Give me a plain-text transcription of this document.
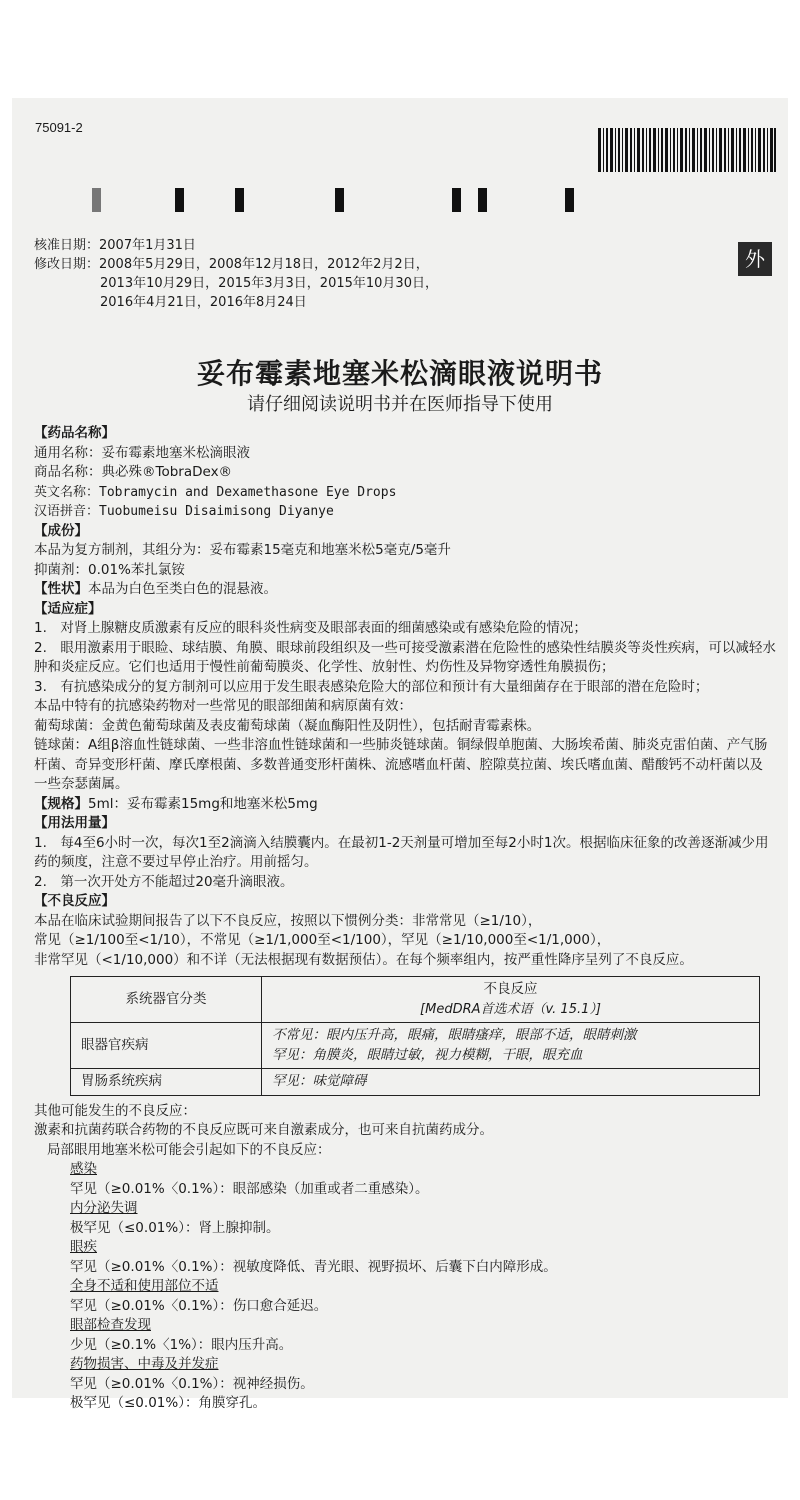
75091-2
外
核准日期：2007年1月31日
修改日期：2008年5月29日，2008年12月18日，2012年2月2日，
2013年10月29日，2015年3月3日，2015年10月30日，
2016年4月21日，2016年8月24日
妥布霉素地塞米松滴眼液说明书
请仔细阅读说明书并在医师指导下使用
【药品名称】
通用名称：妥布霉素地塞米松滴眼液
商品名称：典必殊®TobraDex®
英文名称：Tobramycin and Dexamethasone Eye Drops
汉语拼音：Tuobumeisu Disaimisong Diyanye
【成份】
本品为复方制剂，其组分为：妥布霉素15毫克和地塞米松5毫克/5毫升
抑菌剂：0.01%苯扎氯铵
【性状】本品为白色至类白色的混悬液。
【适应症】
1.　对肾上腺糖皮质激素有反应的眼科炎性病变及眼部表面的细菌感染或有感染危险的情况；
2.　眼用激素用于眼睑、球结膜、角膜、眼球前段组织及一些可接受激素潜在危险性的感染性结膜炎等炎性疾病，可以减轻水肿和炎症反应。它们也适用于慢性前葡萄膜炎、化学性、放射性、灼伤性及异物穿透性角膜损伤；
3.　有抗感染成分的复方制剂可以应用于发生眼表感染危险大的部位和预计有大量细菌存在于眼部的潜在危险时；
本品中特有的抗感染药物对一些常见的眼部细菌和病原菌有效：
葡萄球菌：金黄色葡萄球菌及表皮葡萄球菌（凝血酶阳性及阴性），包括耐青霉素株。
链球菌：A组β溶血性链球菌、一些非溶血性链球菌和一些肺炎链球菌。铜绿假单胞菌、大肠埃希菌、肺炎克雷伯菌、产气肠杆菌、奇异变形杆菌、摩氏摩根菌、多数普通变形杆菌株、流感嗜血杆菌、腔隙莫拉菌、埃氏嗜血菌、醋酸钙不动杆菌以及一些奈瑟菌属。
【规格】5ml：妥布霉素15mg和地塞米松5mg
【用法用量】
1.　每4至6小时一次，每次1至2滴滴入结膜囊内。在最初1-2天剂量可增加至每2小时1次。根据临床征象的改善逐渐减少用药的频度，注意不要过早停止治疗。用前摇匀。
2.　第一次开处方不能超过20毫升滴眼液。
【不良反应】
本品在临床试验期间报告了以下不良反应，按照以下惯例分类：非常常见（≥1/10），
常见（≥1/100至<1/10），不常见（≥1/1,000至<1/100），罕见（≥1/10,000至<1/1,000），
非常罕见（<1/10,000）和不详（无法根据现有数据预估）。在每个频率组内，按严重性降序呈列了不良反应。
系统器官分类	不良反应
[MedDRA首选术语（v. 15.1）]

眼器官疾病	不常见：眼内压升高，眼痛，眼睛瘙痒，眼部不适，眼睛刺激
罕见：角膜炎，眼睛过敏，视力模糊，干眼，眼充血

胃肠系统疾病	罕见：味觉障碍
其他可能发生的不良反应：
激素和抗菌药联合药物的不良反应既可来自激素成分，也可来自抗菌药成分。
局部眼用地塞米松可能会引起如下的不良反应：
感染
罕见（≥0.01%〈0.1%）：眼部感染（加重或者二重感染）。
内分泌失调
极罕见（≤0.01%）：肾上腺抑制。
眼疾
罕见（≥0.01%〈0.1%）：视敏度降低、青光眼、视野损坏、后囊下白内障形成。
全身不适和使用部位不适
罕见（≥0.01%〈0.1%）：伤口愈合延迟。
眼部检查发现
少见（≥0.1%〈1%）：眼内压升高。
药物损害、中毒及并发症
罕见（≥0.01%〈0.1%）：视神经损伤。
极罕见（≤0.01%）：角膜穿孔。
